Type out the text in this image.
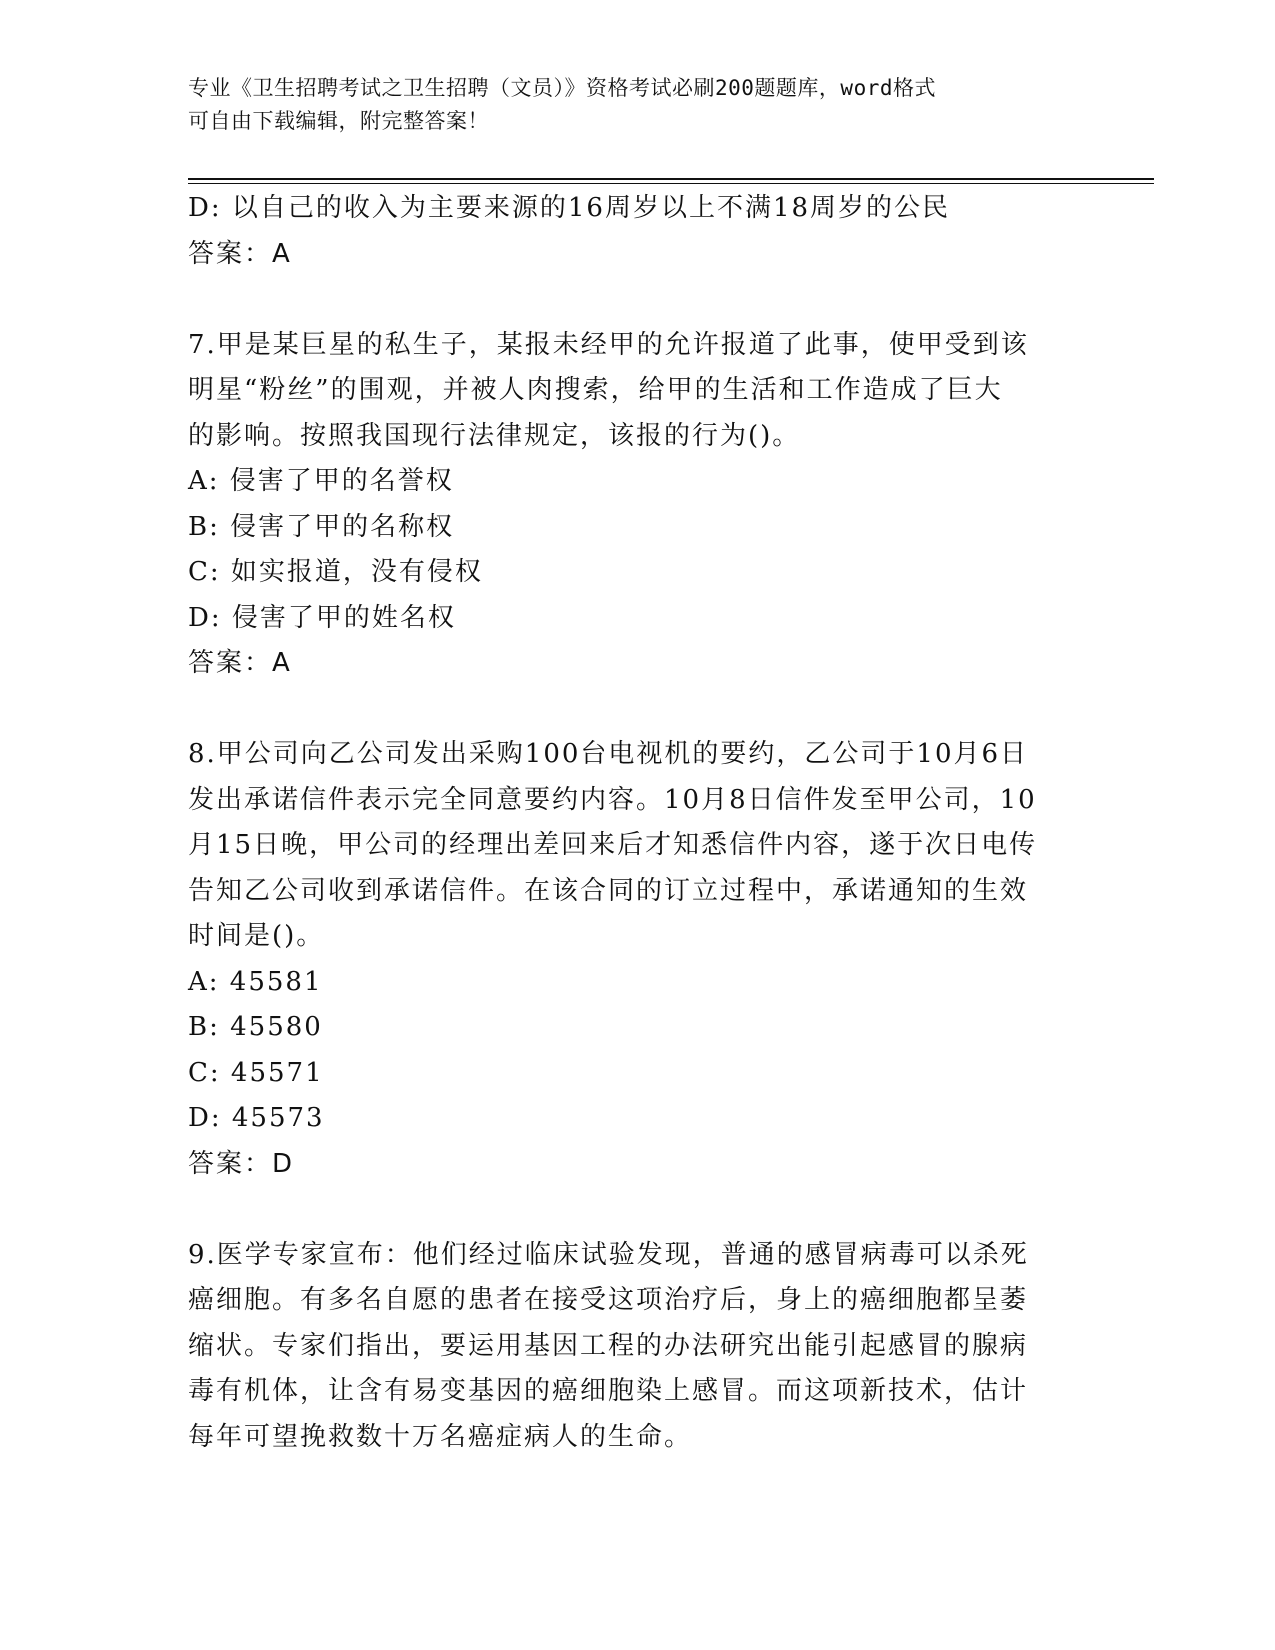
专业《卫生招聘考试之卫生招聘（文员）》资格考试必刷200题题库，word格式
可自由下载编辑，附完整答案！
D: 以自己的收入为主要来源的16周岁以上不满18周岁的公民
答案：A
7.甲是某巨星的私生子，某报未经甲的允许报道了此事，使甲受到该
明星“粉丝”的围观，并被人肉搜索，给甲的生活和工作造成了巨大
的影响。按照我国现行法律规定，该报的行为()。
A: 侵害了甲的名誉权
B: 侵害了甲的名称权
C: 如实报道，没有侵权
D: 侵害了甲的姓名权
答案：A
8.甲公司向乙公司发出采购100台电视机的要约，乙公司于10月6日
发出承诺信件表示完全同意要约内容。10月8日信件发至甲公司，10
月15日晚，甲公司的经理出差回来后才知悉信件内容，遂于次日电传
告知乙公司收到承诺信件。在该合同的订立过程中，承诺通知的生效
时间是()。
A: 45581
B: 45580
C: 45571
D: 45573
答案：D
9.医学专家宣布：他们经过临床试验发现，普通的感冒病毒可以杀死
癌细胞。有多名自愿的患者在接受这项治疗后，身上的癌细胞都呈萎
缩状。专家们指出，要运用基因工程的办法研究出能引起感冒的腺病
毒有机体，让含有易变基因的癌细胞染上感冒。而这项新技术，估计
每年可望挽救数十万名癌症病人的生命。
